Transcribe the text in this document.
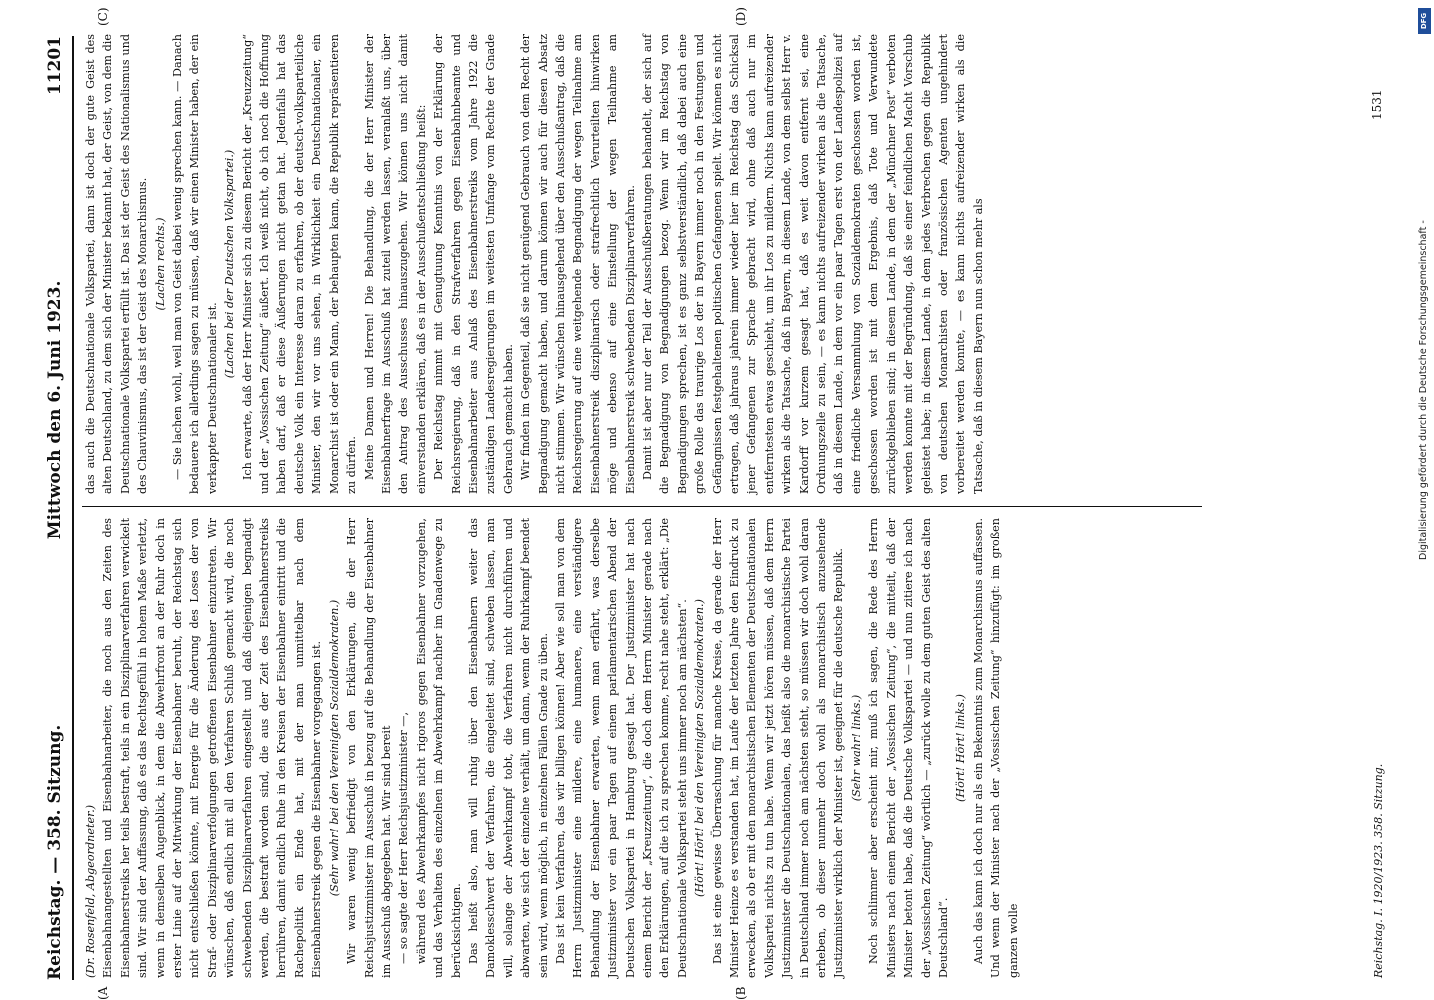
Reichstag. — 358. Sitzung.
Mittwoch den 6. Juni 1923.
11201
(A	(B
(C)	(D)

(Dr. Rosenfeld, Abgeordneter.) Eisenbahnangestellten und Eisenbahnarbeiter, die noch aus den Zeiten des Eisenbahnerstreiks her teils bestraft, teils in ein Disziplinarverfahren verwickelt sind. Wir sind der Auffassung, daß es das Rechtsgefühl in hohem Maße verletzt, wenn in demselben Augenblick, in dem die Abwehrfront an der Ruhr doch in erster Linie auf der Mitwirkung der Eisenbahner beruht, der Reichstag sich nicht entschließen könnte, mit Energie für die Änderung des Loses der von Straf- oder Disziplinarverfolgungen getroffenen Eisenbahner einzutreten. Wir wünschen, daß endlich mit all den Verfahren Schluß gemacht wird, die noch schwebenden Disziplinarverfahren eingestellt und daß diejenigen begnadigt werden, die bestraft worden sind, die aus der Zeit des Eisenbahnerstreiks herrühren, damit endlich Ruhe in den Kreisen der Eisenbahner eintritt und die Rachepolitik ein Ende hat, mit der man unmittelbar nach dem Eisenbahnerstreik gegen die Eisenbahner vorgegangen ist. (Sehr wahr! bei den Vereinigten Sozialdemokraten.) Wir waren wenig befriedigt von den Erklärungen, die der Herr Reichsjustizminister im Ausschuß in bezug auf die Behandlung der Eisenbahner im Ausschuß abgegeben hat. Wir sind bereit — so sagte der Herr Reichsjustizminister —, während des Abwehrkampfes nicht rigoros gegen Eisenbahner vorzugehen, und das Verhalten des einzelnen im Abwehrkampf nachher im Gnadenwege zu berücksichtigen. Das heißt also, man will ruhig über den Eisenbahnern weiter das Damoklesschwert der Verfahren, die eingeleitet sind, schweben lassen, man will, solange der Abwehrkampf tobt, die Verfahren nicht durchführen und abwarten, wie sich der einzelne verhält, um dann, wenn der Ruhrkampf beendet sein wird, wenn möglich, in einzelnen Fällen Gnade zu üben. Das ist kein Verfahren, das wir billigen können! Aber wie soll man von dem Herrn Justizminister eine mildere, eine humanere, eine verständigere Behandlung der Eisenbahner erwarten, wenn man erfährt, was derselbe Justizminister vor ein paar Tagen auf einem parlamentarischen Abend der Deutschen Volkspartei in Hamburg gesagt hat. Der Justizminister hat nach einem Bericht der „Kreuzzeitung“, die doch dem Herrn Minister gerade nach den Erklärungen, auf die ich zu sprechen komme, recht nahe steht, erklärt: „Die Deutschnationale Volkspartei steht uns immer noch am nächsten“. (Hört! Hört! bei den Vereinigten Sozialdemokraten.) Das ist eine gewisse Überraschung für manche Kreise, da gerade der Herr Minister Heinze es verstanden hat, im Laufe der letzten Jahre den Eindruck zu erwecken, als ob er mit den monarchistischen Elementen der Deutschnationalen Volkspartei nichts zu tun habe. Wenn wir jetzt hören müssen, daß dem Herrn Justizminister die Deutschnationalen, das heißt also die monarchistische Partei in Deutschland immer noch am nächsten steht, so müssen wir doch wohl daran erheben, ob dieser nunmehr doch wohl als monarchistisch anzusehende Justizminister wirklich der Minister ist, geeignet für die deutsche Republik. (Sehr wahr! links.) Noch schlimmer aber erscheint mir, muß ich sagen, die Rede des Herrn Ministers nach einem Bericht der „Vossischen Zeitung“, die mitteilt, daß der Minister betont habe, daß die Deutsche Volkspartei — und nun zitiere ich nach der „Vossischen Zeitung“ wörtlich — „zurück wolle zu dem guten Geist des alten Deutschland“.

(Hört! Hört! links.) Auch das kann ich doch nur als ein Bekenntnis zum Monarchismus auffassen. Und wenn der Minister nach der „Vossischen Zeitung“ hinzufügt: im großen ganzen wolle

das auch die Deutschnationale Volkspartei, dann ist doch der gute Geist des alten Deutschland, zu dem sich der Minister bekannt hat, der Geist, von dem die Deutschnationale Volkspartei erfüllt ist. Das ist der Geist des Nationalismus und des Chauvinismus, das ist der Geist des Monarchismus. (Lachen rechts.) — Sie lachen wohl, weil man von Geist dabei wenig sprechen kann. — Danach bedauere ich allerdings sagen zu müssen, daß wir einen Minister haben, der ein verkappter Deutschnationaler ist.

(Lachen bei der Deutschen Volkspartei.) Ich erwarte, daß der Herr Minister sich zu diesem Bericht der „Kreuzzeitung“ und der „Vossischen Zeitung“ äußert. Ich weiß nicht, ob ich noch die Hoffnung haben darf, daß er diese Äußerungen nicht getan hat. Jedenfalls hat das deutsche Volk ein Interesse daran zu erfahren, ob der deutsch-volksparteiliche Minister, den wir vor uns sehen, in Wirklichkeit ein Deutschnationaler, ein Monarchist ist oder ein Mann, der behaupten kann, die Republik repräsentieren zu dürfen. Meine Damen und Herren! Die Behandlung, die der Herr Minister der Eisenbahnerfrage im Ausschuß hat zuteil werden lassen, veranlaßt uns, über den Antrag des Ausschusses hinauszugehen. Wir können uns nicht damit einverstanden erklären, daß es in der Ausschußentschließung heißt: Der Reichstag nimmt mit Genugtuung Kenntnis von der Erklärung der Reichsregierung, daß in den Strafverfahren gegen Eisenbahnbeamte und Eisenbahnarbeiter aus Anlaß des Eisenbahnerstreiks vom Jahre 1922 die zuständigen Landesregierungen im weitesten Umfange vom Rechte der Gnade Gebrauch gemacht haben. Wir finden im Gegenteil, daß sie nicht genügend Gebrauch von dem Recht der Begnadigung gemacht haben, und darum können wir auch für diesen Absatz nicht stimmen. Wir wünschen hinausgehend über den Ausschußantrag, daß die Reichsregierung auf eine weitgehende Begnadigung der wegen Teilnahme am Eisenbahnerstreik disziplinarisch oder strafrechtlich Verurteilten hinwirken möge und ebenso auf eine Einstellung der wegen Teilnahme am Eisenbahnerstreik schwebenden Disziplinarverfahren. Damit ist aber nur der Teil der Ausschußberatungen behandelt, der sich auf die Begnadigung von Begnadigungen bezog. Wenn wir im Reichstag von Begnadigungen sprechen, ist es ganz selbstverständlich, daß dabei auch eine große Rolle das traurige Los der in Bayern immer noch in den Festungen und Gefängnissen festgehaltenen politischen Gefangenen spielt. Wir können es nicht ertragen, daß jahraus jahrein immer wieder hier im Reichstag das Schicksal jener Gefangenen zur Sprache gebracht wird, ohne daß auch nur im entferntesten etwas geschieht, um ihr Los zu mildern. Nichts kann aufreizender wirken als die Tatsache, daß in Bayern, in diesem Lande, von dem selbst Herr v. Kardorff vor kurzem gesagt hat, daß es weit davon entfernt sei, eine Ordnungszelle zu sein, — es kann nichts aufreizender wirken als die Tatsache, daß in diesem Lande, in dem vor ein paar Tagen erst von der Landespolizei auf eine friedliche Versammlung von Sozialdemokraten geschossen worden ist, geschossen worden ist mit dem Ergebnis, daß Tote und Verwundete zurückgeblieben sind; in diesem Lande, in dem der „Münchner Post“ verboten werden konnte mit der Begründung, daß sie einer feindlichen Macht Vorschub geleistet habe; in diesem Lande, in dem jedes Verbrechen gegen die Republik von deutschen Monarchisten oder französischen Agenten ungehindert vorbereitet werden konnte, — es kann nichts aufreizender wirken als die Tatsache, daß in diesem Bayern nun schon mehr als

Reichstag. I. 1920/1923. 358. Sitzung.
1531
DFG
Digitalisierung gefördert durch die Deutsche Forschungsgemeinschaft -
